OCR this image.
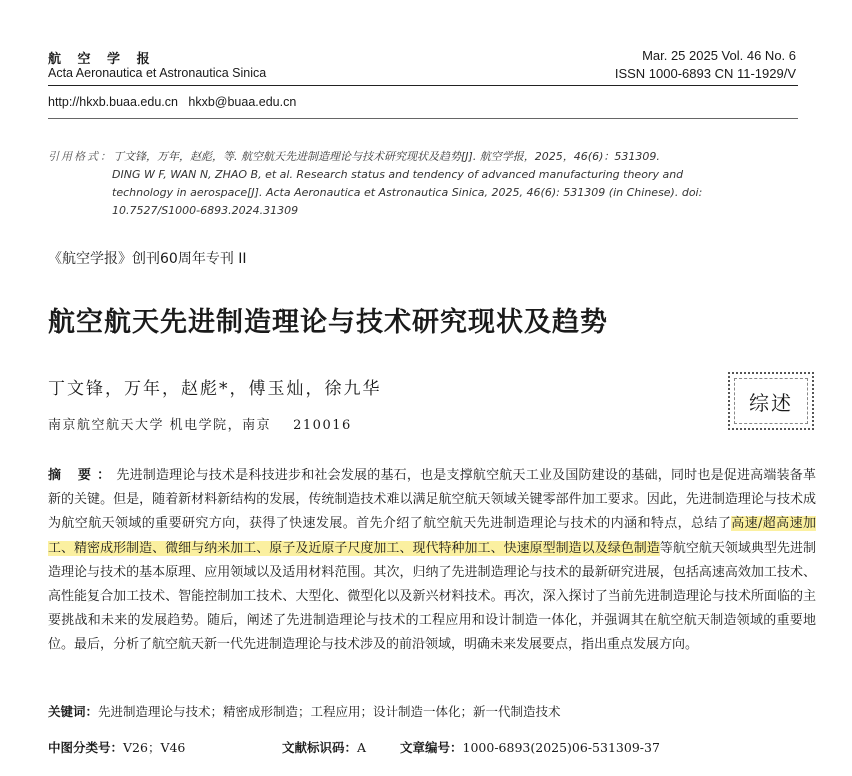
航 空 学 报
Acta Aeronautica et Astronautica Sinica
Mar. 25 2025 Vol. 46 No. 6
ISSN 1000-6893 CN 11-1929/V
http://hkxb.buaa.edu.cn   hkxb@buaa.edu.cn
引用格式：丁文锋，万年，赵彪，等. 航空航天先进制造理论与技术研究现状及趋势[J]. 航空学报，2025，46(6)：531309.
DING W F, WAN N, ZHAO B, et al. Research status and tendency of advanced manufacturing theory and
technology in aerospace[J]. Acta Aeronautica et Astronautica Sinica, 2025, 46(6): 531309 (in Chinese). doi:
10.7527/S1000-6893.2024.31309
《航空学报》创刊60周年专刊 II
航空航天先进制造理论与技术研究现状及趋势
丁文锋，万年，赵彪*，傅玉灿，徐九华
南京航空航天大学 机电学院，南京 210016
综述
摘 要：先进制造理论与技术是科技进步和社会发展的基石，也是支撑航空航天工业及国防建设的基础，同时也是促进高端装备革新的关键。但是，随着新材料新结构的发展，传统制造技术难以满足航空航天领域关键零部件加工要求。因此，先进制造理论与技术成为航空航天领域的重要研究方向，获得了快速发展。首先介绍了航空航天先进制造理论与技术的内涵和特点，总结了高速/超高速加工、精密成形制造、微细与纳米加工、原子及近原子尺度加工、现代特种加工、快速原型制造以及绿色制造等航空航天领域典型先进制造理论与技术的基本原理、应用领域以及适用材料范围。其次，归纳了先进制造理论与技术的最新研究进展，包括高速高效加工技术、高性能复合加工技术、智能控制加工技术、大型化、微型化以及新兴材料技术。再次，深入探讨了当前先进制造理论与技术所面临的主要挑战和未来的发展趋势。随后，阐述了先进制造理论与技术的工程应用和设计制造一体化，并强调其在航空航天制造领域的重要地位。最后，分析了航空航天新一代先进制造理论与技术涉及的前沿领域，明确未来发展要点，指出重点发展方向。
关键词：先进制造理论与技术；精密成形制造；工程应用；设计制造一体化；新一代制造技术
中图分类号：V26；V46	文献标识码：A	文章编号：1000-6893(2025)06-531309-37
